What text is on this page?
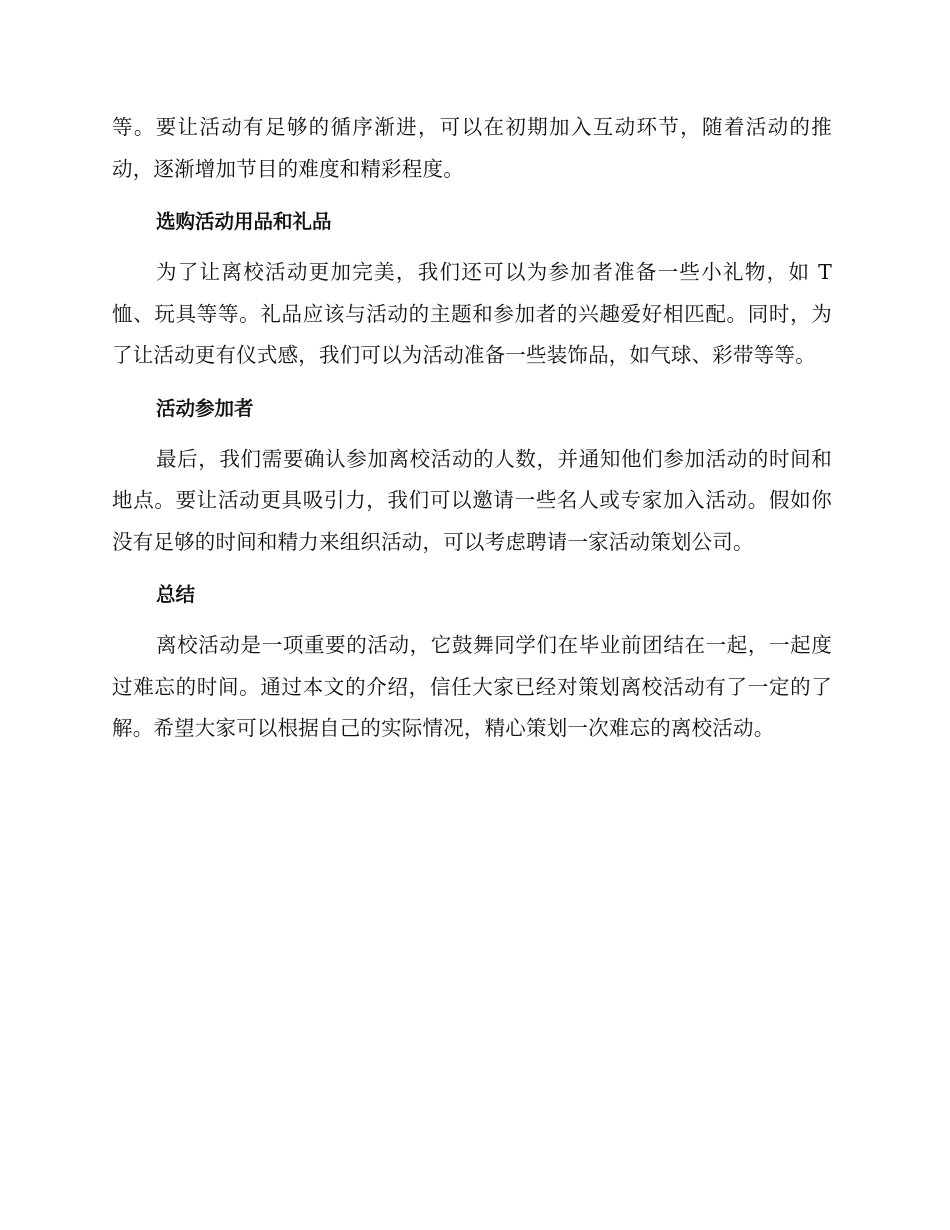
等。要让活动有足够的循序渐进，可以在初期加入互动环节，随着活动的推动，逐渐增加节目的难度和精彩程度。

选购活动用品和礼品

为了让离校活动更加完美，我们还可以为参加者准备一些小礼物，如 T 恤、玩具等等。礼品应该与活动的主题和参加者的兴趣爱好相匹配。同时，为了让活动更有仪式感，我们可以为活动准备一些装饰品，如气球、彩带等等。

活动参加者

最后，我们需要确认参加离校活动的人数，并通知他们参加活动的时间和地点。要让活动更具吸引力，我们可以邀请一些名人或专家加入活动。假如你没有足够的时间和精力来组织活动，可以考虑聘请一家活动策划公司。

总结

离校活动是一项重要的活动，它鼓舞同学们在毕业前团结在一起，一起度过难忘的时间。通过本文的介绍，信任大家已经对策划离校活动有了一定的了解。希望大家可以根据自己的实际情况，精心策划一次难忘的离校活动。
